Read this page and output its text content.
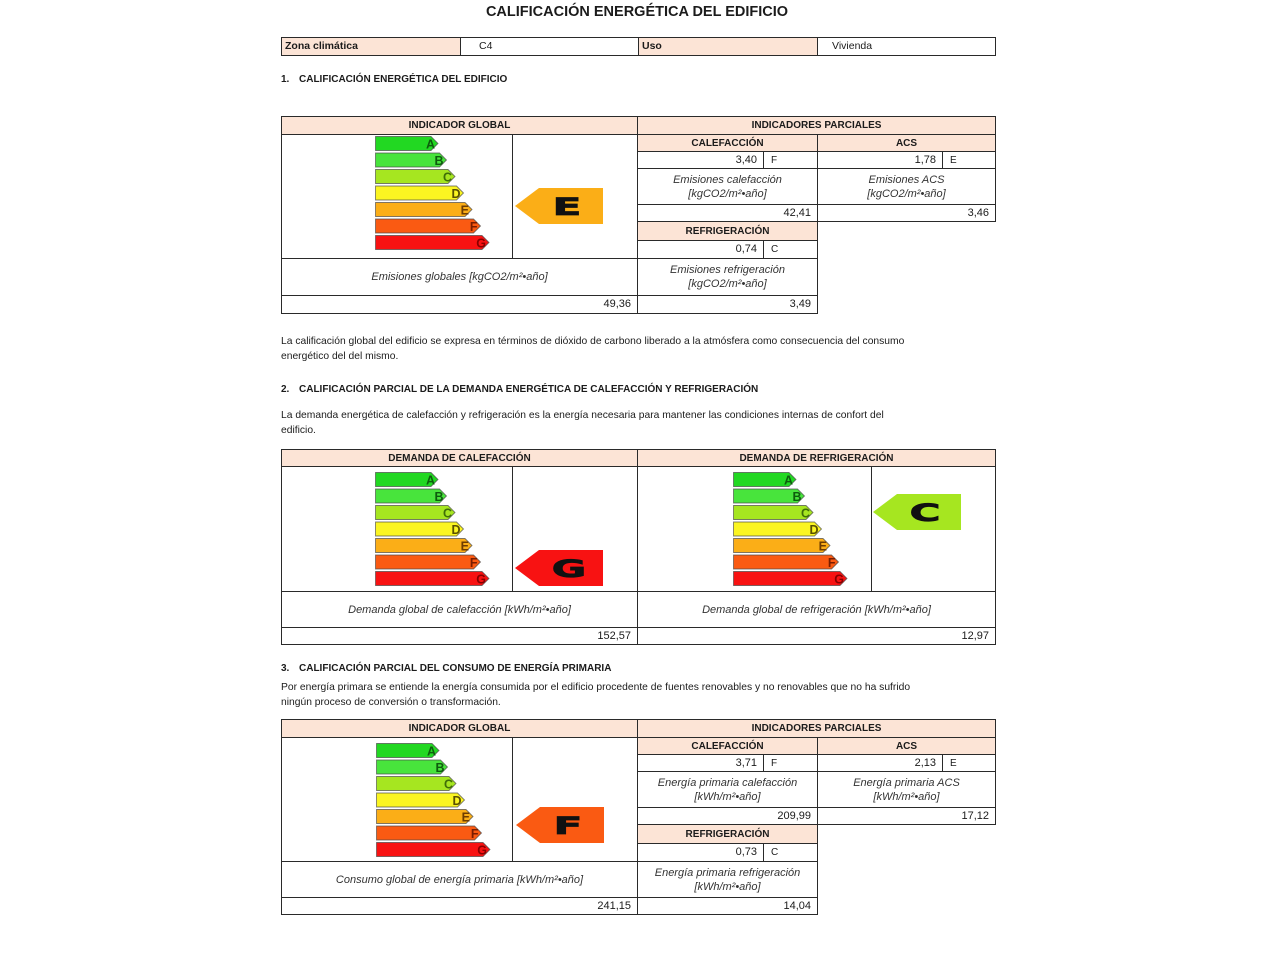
CALIFICACIÓN ENERGÉTICA DEL EDIFICIO
Zona climática	C4	Uso	Vivienda
1. CALIFICACIÓN ENERGÉTICA DEL EDIFICIO
INDICADOR GLOBAL
Emisiones globales [kgCO2/m²•año]
49,36
INDICADORES PARCIALES
CALEFACCIÓN	ACS
3,40 F	1,78 E
Emisiones calefacción
[kgCO2/m²•año]
Emisiones ACS
[kgCO2/m²•año]
42,41	3,46
REFRIGERACIÓN
0,74 C
Emisiones refrigeración
[kgCO2/m²•año]
3,49
A
B
C
D
E
F
G
E
La calificación global del edificio se expresa en términos de dióxido de carbono liberado a la atmósfera como consecuencia del consumo
energético del del mismo.
2. CALIFICACIÓN PARCIAL DE LA DEMANDA ENERGÉTICA DE CALEFACCIÓN Y REFRIGERACIÓN
La demanda energética de calefacción y refrigeración es la energía necesaria para mantener las condiciones internas de confort del
edificio.
DEMANDA DE CALEFACCIÓN	DEMANDA DE REFRIGERACIÓN
Demanda global de calefacción [kWh/m²•año]	Demanda global de refrigeración [kWh/m²•año]
152,57	12,97
A
B
C
D
E
F
G	G
A
B
C
D
E
F
G
C
3. CALIFICACIÓN PARCIAL DEL CONSUMO DE ENERGÍA PRIMARIA
Por energía primara se entiende la energía consumida por el edificio procedente de fuentes renovables y no renovables que no ha sufrido
ningún proceso de conversión o transformación.
INDICADOR GLOBAL
Consumo global de energía primaria [kWh/m²•año]
241,15
INDICADORES PARCIALES
CALEFACCIÓN	ACS
3,71 F	2,13 E
Energía primaria calefacción
[kWh/m²•año]
Energía primaria ACS
[kWh/m²•año]
209,99	17,12
REFRIGERACIÓN
0,73 C
Energía primaria refrigeración
[kWh/m²•año]
14,04
A
B
C
D
E
F
G
F
